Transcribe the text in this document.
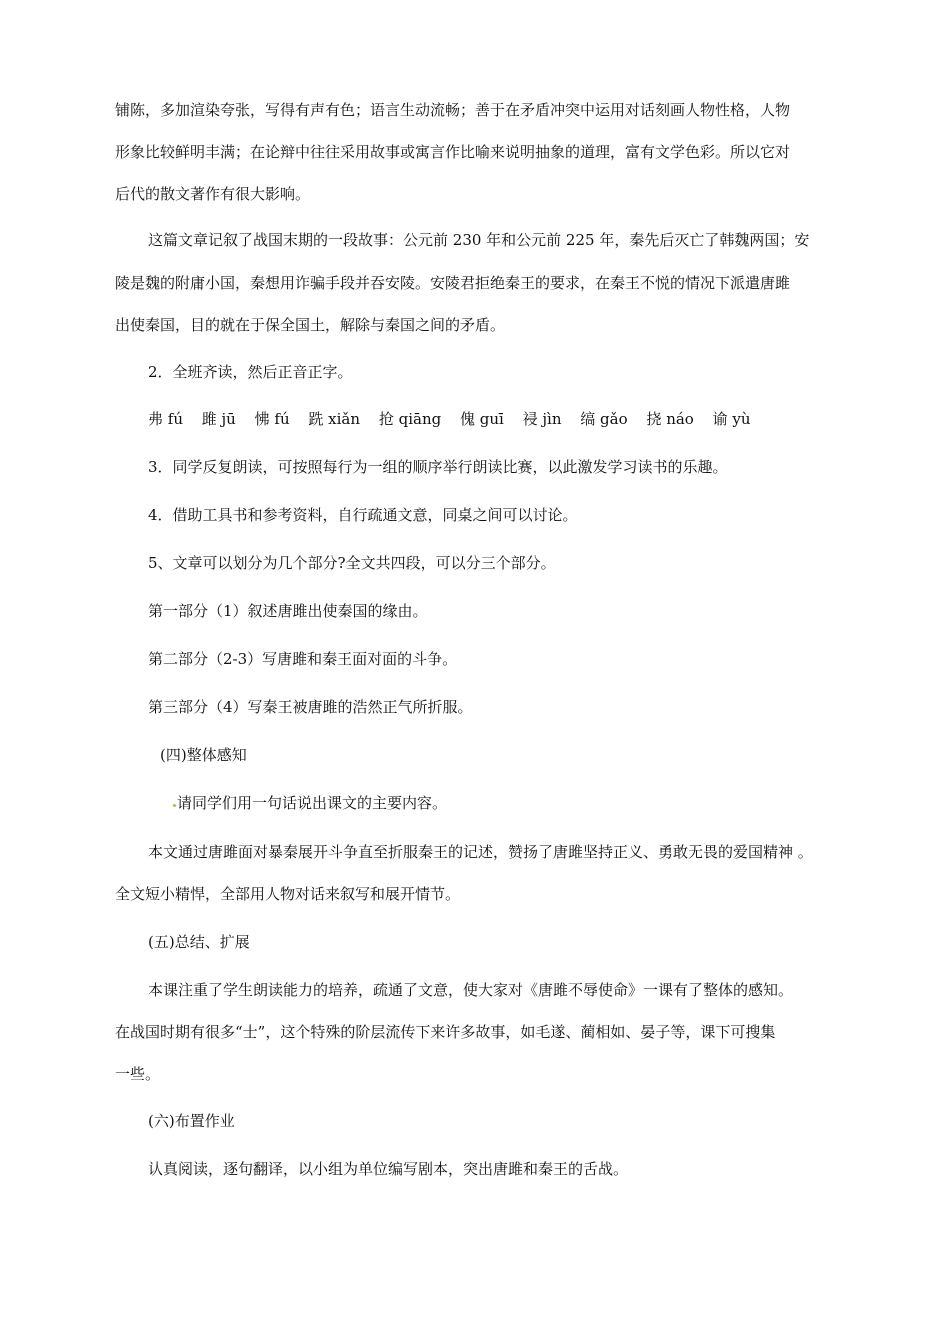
铺陈，多加渲染夸张，写得有声有色；语言生动流畅；善于在矛盾冲突中运用对话刻画人物性格，人物
形象比较鲜明丰满；在论辩中往往采用故事或寓言作比喻来说明抽象的道理，富有文学色彩。所以它对
后代的散文著作有很大影响。
这篇文章记叙了战国末期的一段故事：公元前 230 年和公元前 225 年，秦先后灭亡了韩魏两国；安
陵是魏的附庸小国，秦想用诈骗手段并吞安陵。安陵君拒绝秦王的要求，在秦王不悦的情况下派遣唐雎
出使秦国，目的就在于保全国土，解除与秦国之间的矛盾。
2．全班齐读，然后正音正字。
弗 fú 雎 jū 怫 fú 跣 xiǎn 抢 qiāng 傀 guī 祲 jìn 缟 gǎo 挠 náo 谕 yù
3．同学反复朗读，可按照每行为一组的顺序举行朗读比赛，以此激发学习读书的乐趣。
4．借助工具书和参考资料，自行疏通文意，同桌之间可以讨论。
5、文章可以划分为几个部分?全文共四段，可以分三个部分。
第一部分（1）叙述唐雎出使秦国的缘由。
第二部分（2-3）写唐雎和秦王面对面的斗争。
第三部分（4）写秦王被唐雎的浩然正气所折服。
(四)整体感知
请同学们用一句话说出课文的主要内容。
本文通过唐雎面对暴秦展开斗争直至折服秦王的记述，赞扬了唐雎坚持正义、勇敢无畏的爱国精神 。
全文短小精悍，全部用人物对话来叙写和展开情节。
(五)总结、扩展
本课注重了学生朗读能力的培养，疏通了文意，使大家对《唐雎不辱使命》一课有了整体的感知。
在战国时期有很多“士”，这个特殊的阶层流传下来许多故事，如毛遂、蔺相如、晏子等，课下可搜集
一些。
(六)布置作业
认真阅读，逐句翻译，以小组为单位编写剧本，突出唐雎和秦王的舌战。
